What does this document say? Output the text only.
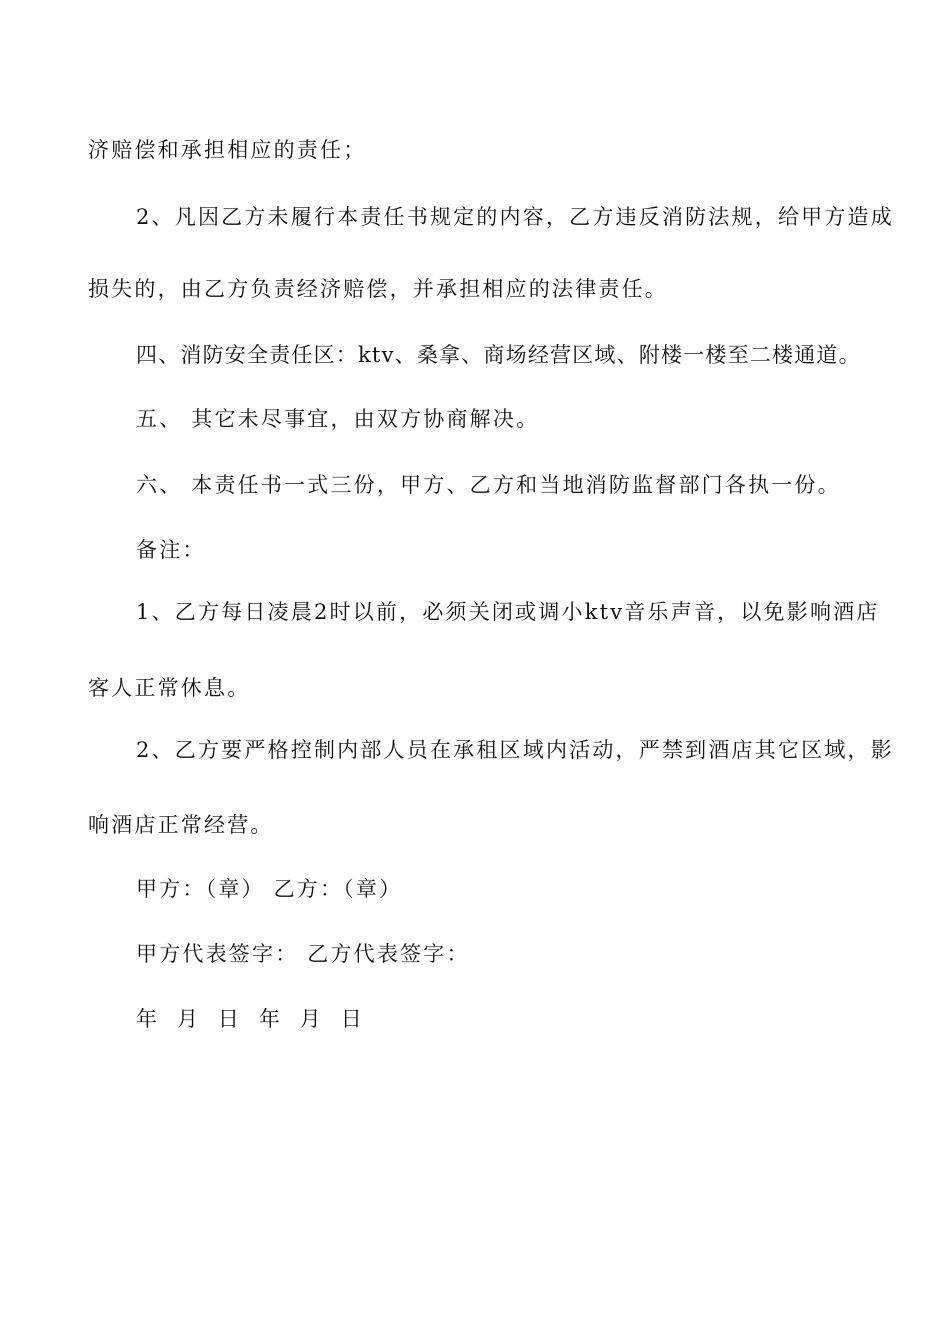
济赔偿和承担相应的责任；
2、凡因乙方未履行本责任书规定的内容，乙方违反消防法规，给甲方造成
损失的，由乙方负责经济赔偿，并承担相应的法律责任。
四、消防安全责任区：ktv、桑拿、商场经营区域、附楼一楼至二楼通道。
五、 其它未尽事宜，由双方协商解决。
六、 本责任书一式三份，甲方、乙方和当地消防监督部门各执一份。
备注：
1、乙方每日凌晨2时以前，必须关闭或调小ktv音乐声音，以免影响酒店
客人正常休息。
2、乙方要严格控制内部人员在承租区域内活动，严禁到酒店其它区域，影
响酒店正常经营。
甲方：（章） 乙方：（章）
甲方代表签字： 乙方代表签字：
年  月  日  年  月  日
